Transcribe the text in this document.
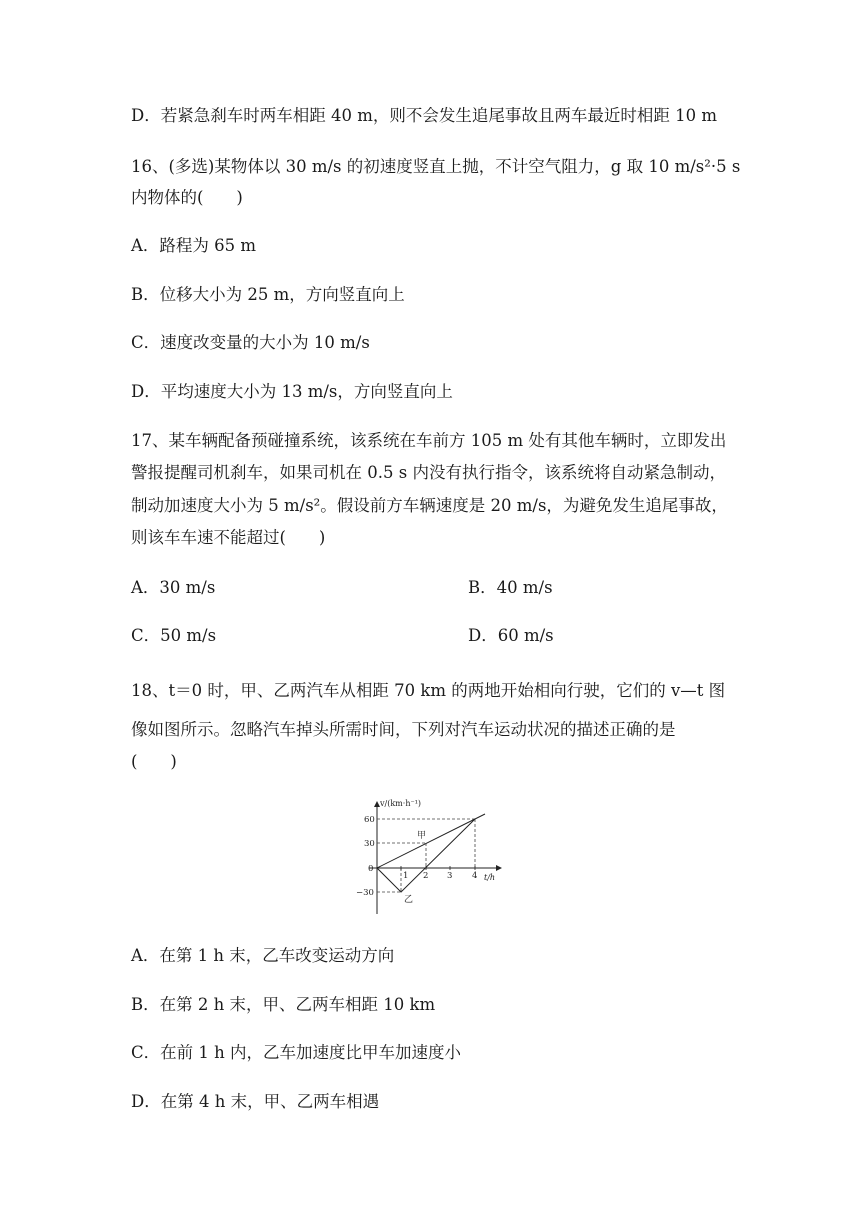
D．若紧急刹车时两车相距 40 m，则不会发生追尾事故且两车最近时相距 10 m
16、(多选)某物体以 30 m/s 的初速度竖直上抛，不计空气阻力，g 取 10 m/s²·5 s
内物体的(　　)
A．路程为 65 m
B．位移大小为 25 m，方向竖直向上
C．速度改变量的大小为 10 m/s
D．平均速度大小为 13 m/s，方向竖直向上
17、某车辆配备预碰撞系统，该系统在车前方 105 m 处有其他车辆时，立即发出
警报提醒司机刹车，如果司机在 0.5 s 内没有执行指令，该系统将自动紧急制动，
制动加速度大小为 5 m/s²。假设前方车辆速度是 20 m/s，为避免发生追尾事故，
则该车车速不能超过(　　)
A．30 m/s	B．40 m/s
C．50 m/s	D．60 m/s
18、t＝0 时，甲、乙两汽车从相距 70 km 的两地开始相向行驶，它们的 v—t 图
像如图所示。忽略汽车掉头所需时间，下列对汽车运动状况的描述正确的是
(　　)
v/(km·h⁻¹)
t/h
60
30
0
−30
1 2 3 4
甲
乙
A．在第 1 h 末，乙车改变运动方向
B．在第 2 h 末，甲、乙两车相距 10 km
C．在前 1 h 内，乙车加速度比甲车加速度小
D．在第 4 h 末，甲、乙两车相遇
